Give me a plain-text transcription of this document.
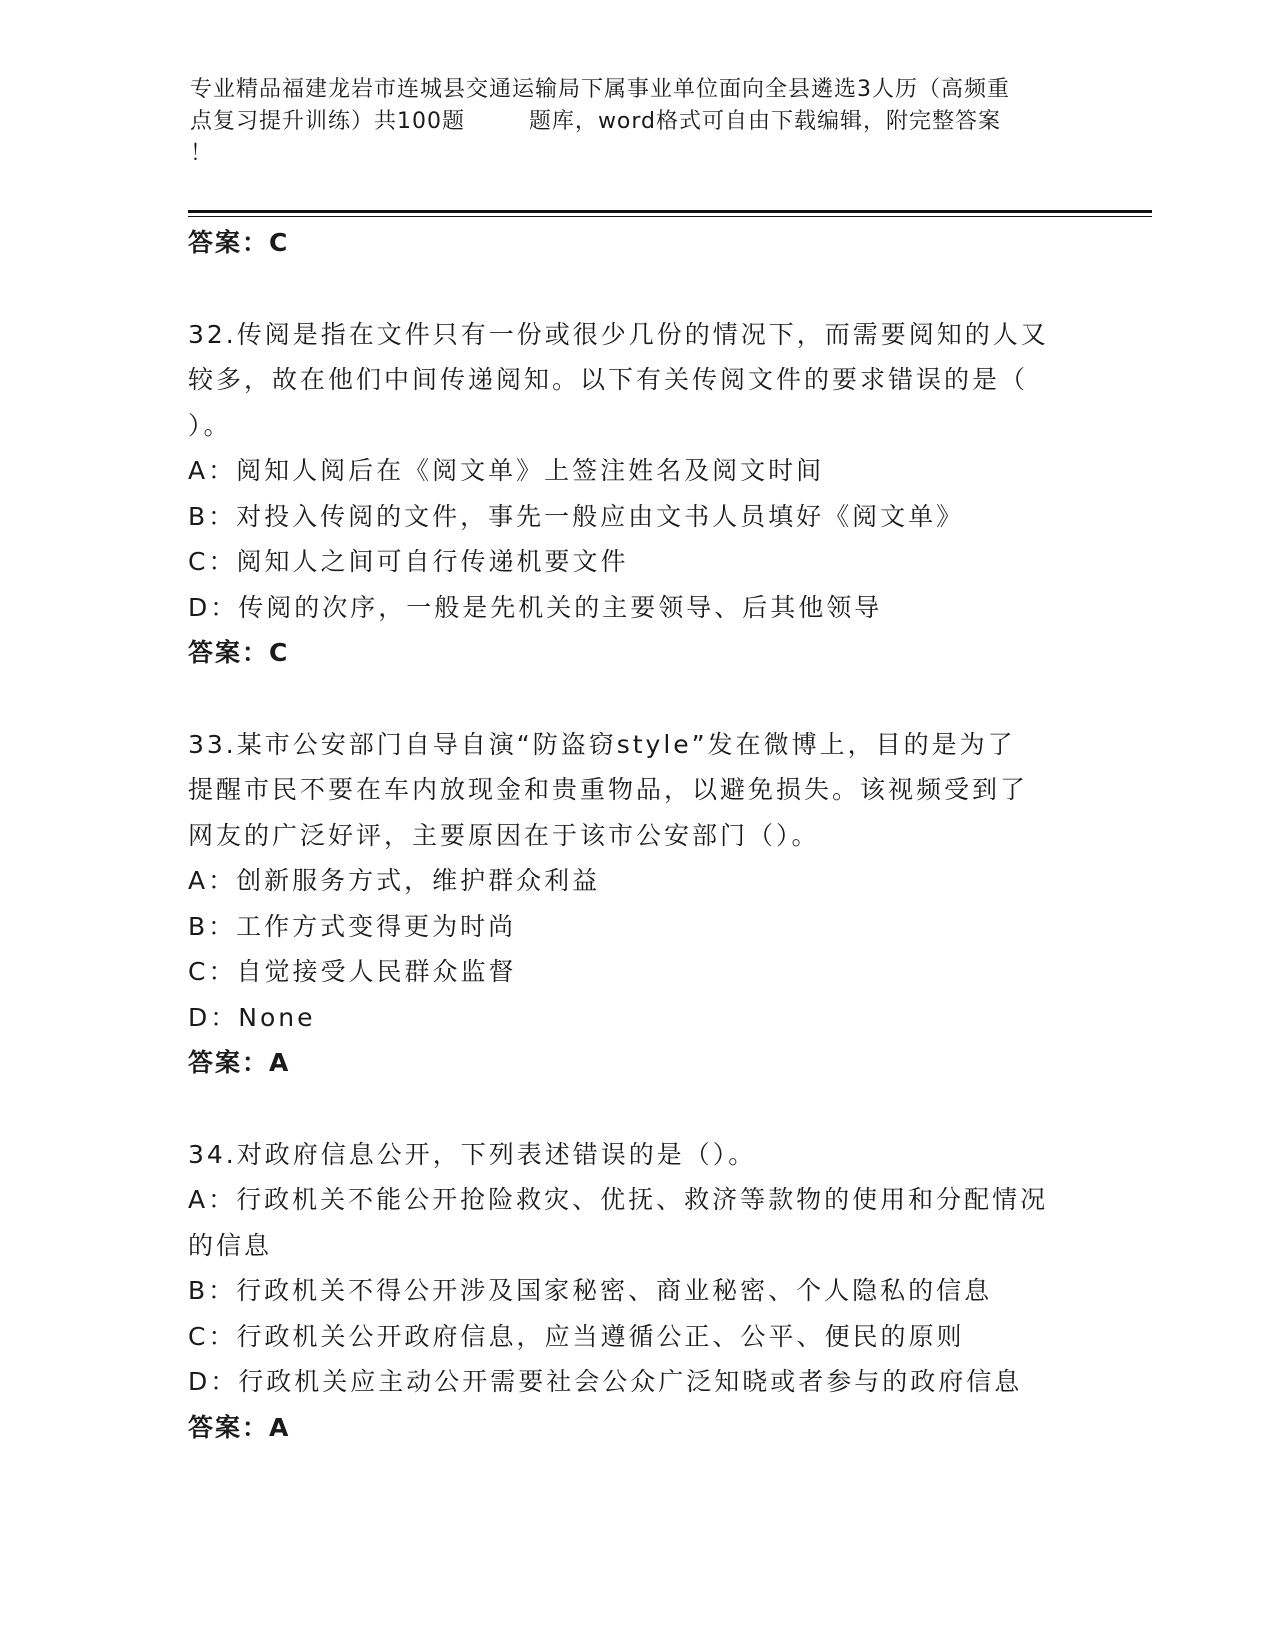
专业精品福建龙岩市连城县交通运输局下属事业单位面向全县遴选3人历（高频重
点复习提升训练）共100题        题库，word格式可自由下载编辑，附完整答案
！
答案：C
32.传阅是指在文件只有一份或很少几份的情况下，而需要阅知的人又
较多，故在他们中间传递阅知。以下有关传阅文件的要求错误的是（
）。
A：阅知人阅后在《阅文单》上签注姓名及阅文时间
B：对投入传阅的文件，事先一般应由文书人员填好《阅文单》
C：阅知人之间可自行传递机要文件
D：传阅的次序，一般是先机关的主要领导、后其他领导
答案：C
33.某市公安部门自导自演“防盗窃style”发在微博上，目的是为了
提醒市民不要在车内放现金和贵重物品，以避免损失。该视频受到了
网友的广泛好评，主要原因在于该市公安部门（）。
A：创新服务方式，维护群众利益
B：工作方式变得更为时尚
C：自觉接受人民群众监督
D：None
答案：A
34.对政府信息公开，下列表述错误的是（）。
A：行政机关不能公开抢险救灾、优抚、救济等款物的使用和分配情况
的信息
B：行政机关不得公开涉及国家秘密、商业秘密、个人隐私的信息
C：行政机关公开政府信息，应当遵循公正、公平、便民的原则
D：行政机关应主动公开需要社会公众广泛知晓或者参与的政府信息
答案：A
